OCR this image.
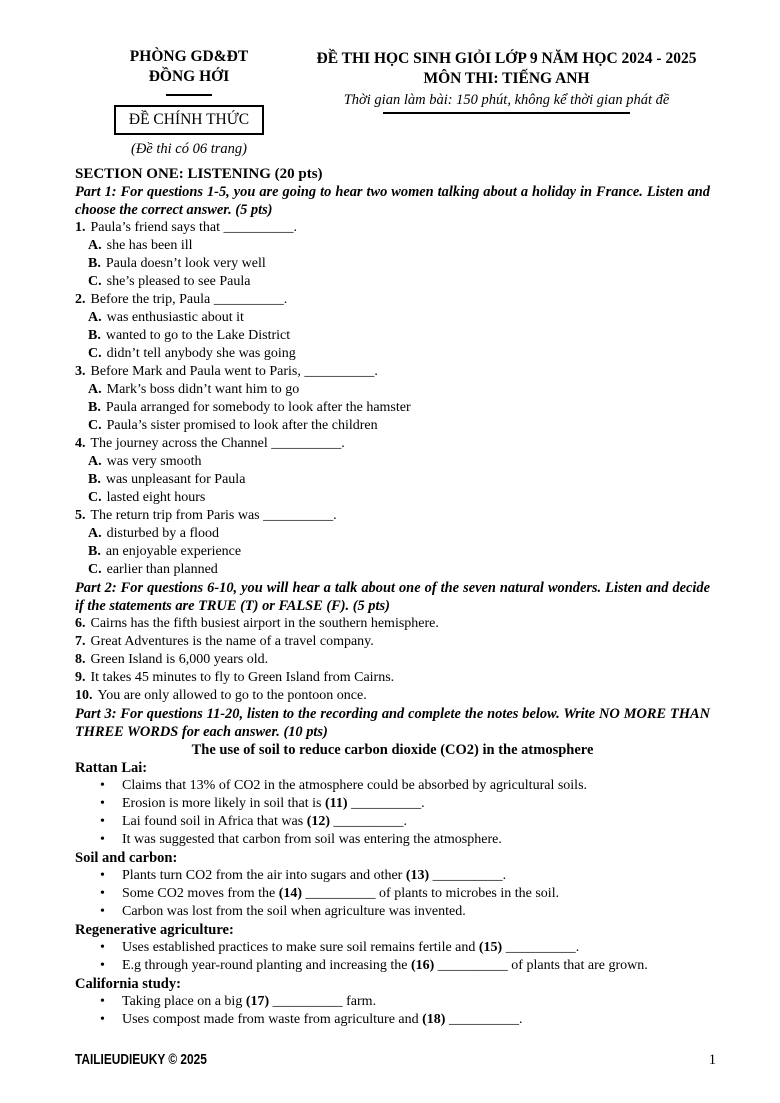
PHÒNG GD&ĐT
ĐỒNG HỚI
ĐỀ CHÍNH THỨC
(Đề thi có 06 trang)
ĐỀ THI HỌC SINH GIỎI LỚP 9 NĂM HỌC 2024 - 2025
MÔN THI: TIẾNG ANH
Thời gian làm bài: 150 phút, không kể thời gian phát đề
SECTION ONE: LISTENING (20 pts)
Part 1: For questions 1-5, you are going to hear two women talking about a holiday in France. Listen and choose the correct answer. (5 pts)
1. Paula’s friend says that __________.
A. she has been ill
B. Paula doesn’t look very well
C. she’s pleased to see Paula
2. Before the trip, Paula __________.
A. was enthusiastic about it
B. wanted to go to the Lake District
C. didn’t tell anybody she was going
3. Before Mark and Paula went to Paris, __________.
A. Mark’s boss didn’t want him to go
B. Paula arranged for somebody to look after the hamster
C. Paula’s sister promised to look after the children
4. The journey across the Channel __________.
A. was very smooth
B. was unpleasant for Paula
C. lasted eight hours
5. The return trip from Paris was __________.
A. disturbed by a flood
B. an enjoyable experience
C. earlier than planned
Part 2: For questions 6-10, you will hear a talk about one of the seven natural wonders. Listen and decide if the statements are TRUE (T) or FALSE (F). (5 pts)
6. Cairns has the fifth busiest airport in the southern hemisphere.
7. Great Adventures is the name of a travel company.
8. Green Island is 6,000 years old.
9. It takes 45 minutes to fly to Green Island from Cairns.
10. You are only allowed to go to the pontoon once.
Part 3: For questions 11-20, listen to the recording and complete the notes below. Write NO MORE THAN THREE WORDS for each answer. (10 pts)
The use of soil to reduce carbon dioxide (CO2) in the atmosphere
Rattan Lai:
• Claims that 13% of CO2 in the atmosphere could be absorbed by agricultural soils.
• Erosion is more likely in soil that is (11) __________.
• Lai found soil in Africa that was (12) __________.
• It was suggested that carbon from soil was entering the atmosphere.
Soil and carbon:
• Plants turn CO2 from the air into sugars and other (13) __________.
• Some CO2 moves from the (14) __________ of plants to microbes in the soil.
• Carbon was lost from the soil when agriculture was invented.
Regenerative agriculture:
• Uses established practices to make sure soil remains fertile and (15) __________.
• E.g through year-round planting and increasing the (16) __________ of plants that are grown.
California study:
• Taking place on a big (17) __________ farm.
• Uses compost made from waste from agriculture and (18) __________.
TAILIEUDIEUKY © 2025	1
